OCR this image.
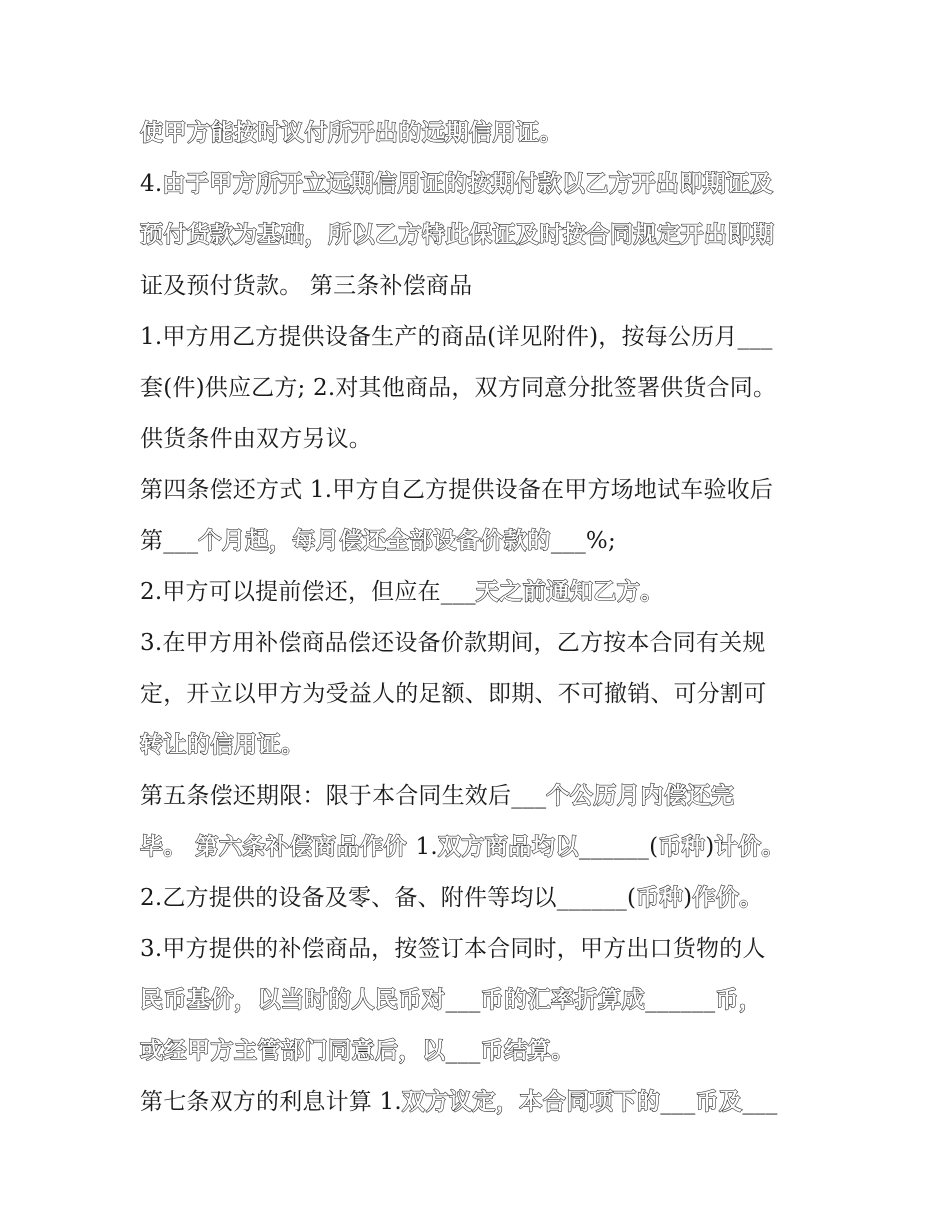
使甲方能按时议付所开出的远期信用证。
4.由于甲方所开立远期信用证的按期付款以乙方开出即期证及
预付货款为基础，所以乙方特此保证及时按合同规定开出即期
证及预付货款。 第三条补偿商品
1.甲方用乙方提供设备生产的商品(详见附件)，按每公历月___
套(件)供应乙方; 2.对其他商品，双方同意分批签署供货合同。
供货条件由双方另议。
第四条偿还方式 1.甲方自乙方提供设备在甲方场地试车验收后
第___个月起，每月偿还全部设备价款的___%;
2.甲方可以提前偿还，但应在___天之前通知乙方。
3.在甲方用补偿商品偿还设备价款期间，乙方按本合同有关规
定，开立以甲方为受益人的足额、即期、不可撤销、可分割可
转让的信用证。
第五条偿还期限：限于本合同生效后___个公历月内偿还完
毕。 第六条补偿商品作价 1.双方商品均以______(币种)计价。
2.乙方提供的设备及零、备、附件等均以______(币种)作价。
3.甲方提供的补偿商品，按签订本合同时，甲方出口货物的人
民币基价，以当时的人民币对___币的汇率折算成______币，
或经甲方主管部门同意后，以___币结算。
第七条双方的利息计算 1.双方议定，本合同项下的___币及___
